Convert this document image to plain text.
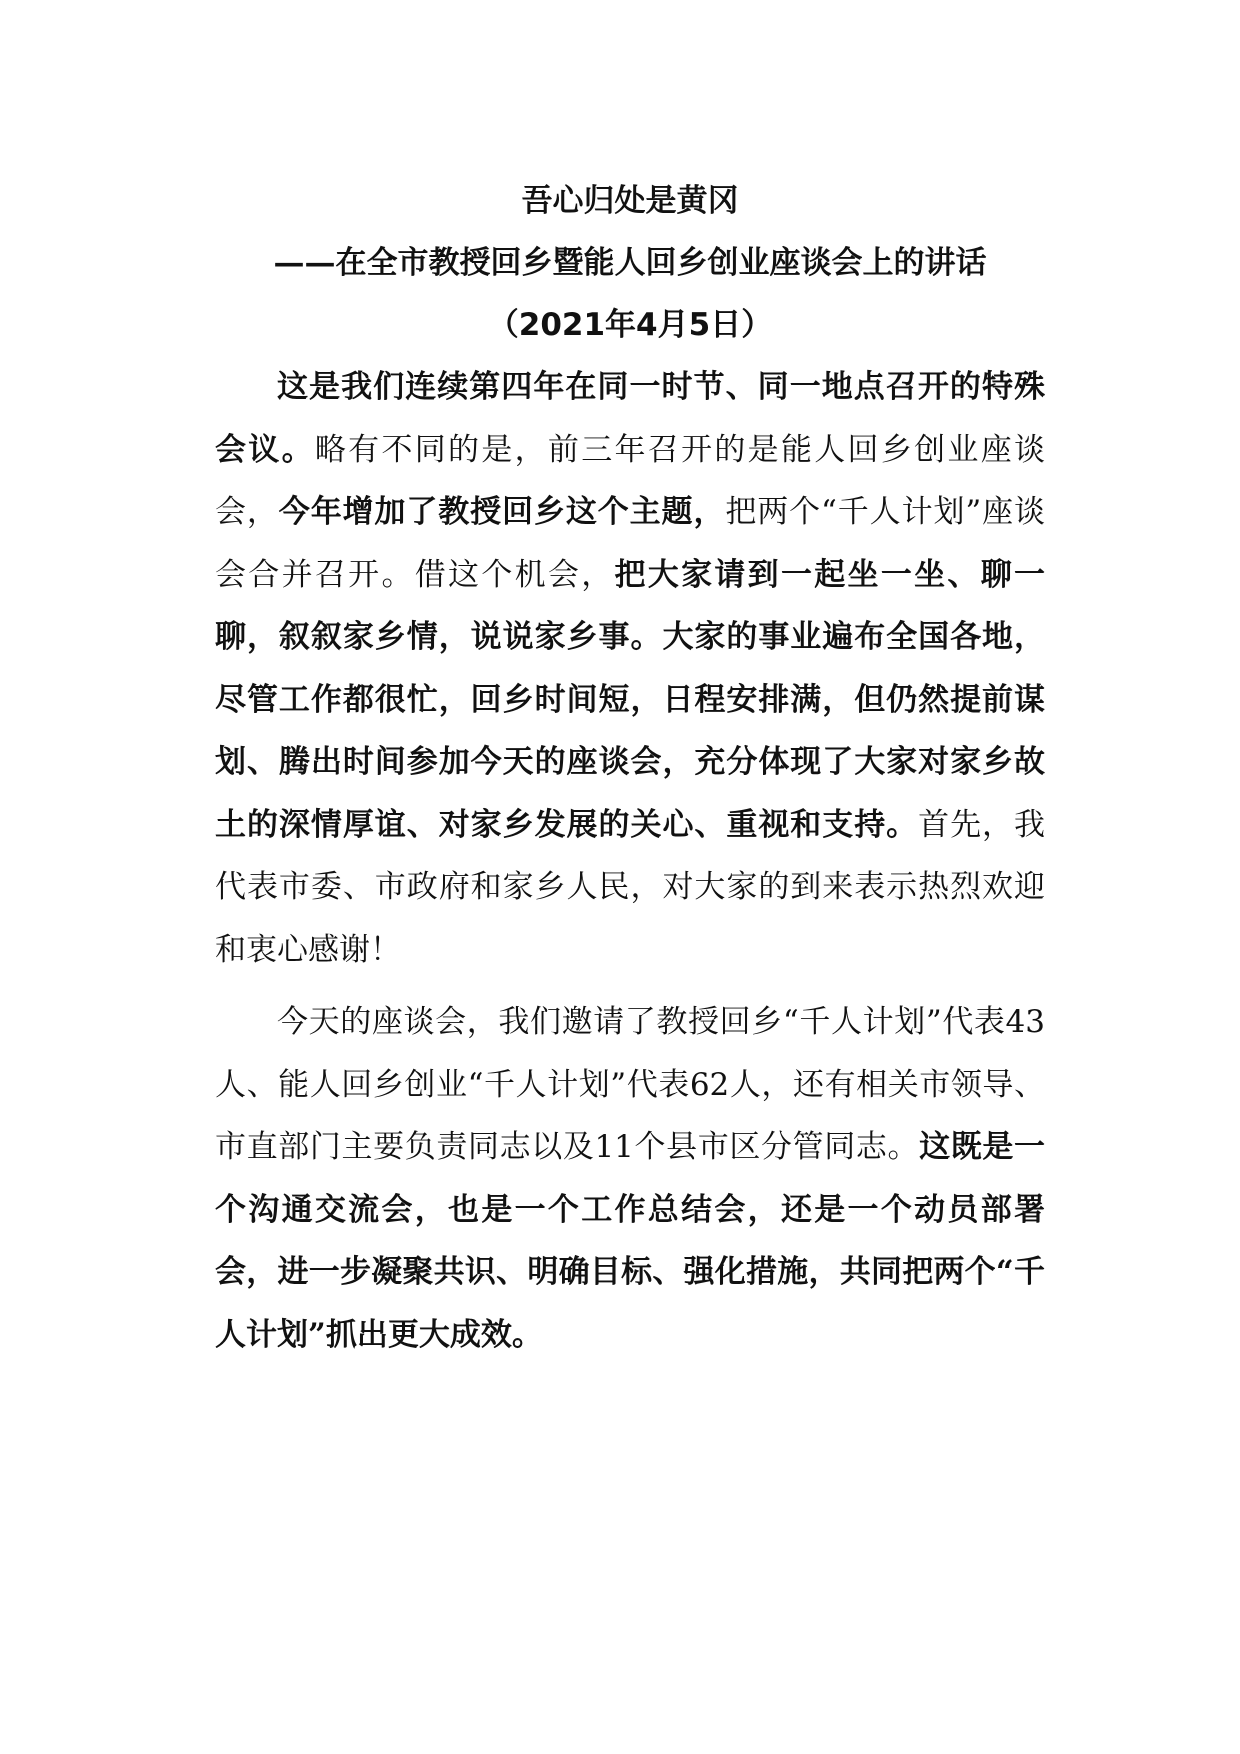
吾心归处是黄冈

——在全市教授回乡暨能人回乡创业座谈会上的讲话

（2021年4月5日）

这是我们连续第四年在同一时节、同一地点召开的特殊会议。略有不同的是，前三年召开的是能人回乡创业座谈会，今年增加了教授回乡这个主题，把两个“千人计划”座谈会合并召开。借这个机会，把大家请到一起坐一坐、聊一聊，叙叙家乡情，说说家乡事。大家的事业遍布全国各地，尽管工作都很忙，回乡时间短，日程安排满，但仍然提前谋划、腾出时间参加今天的座谈会，充分体现了大家对家乡故土的深情厚谊、对家乡发展的关心、重视和支持。首先，我代表市委、市政府和家乡人民，对大家的到来表示热烈欢迎和衷心感谢！

今天的座谈会，我们邀请了教授回乡“千人计划”代表43人、能人回乡创业“千人计划”代表62人，还有相关市领导、市直部门主要负责同志以及11个县市区分管同志。这既是一个沟通交流会，也是一个工作总结会，还是一个动员部署会，进一步凝聚共识、明确目标、强化措施，共同把两个“千人计划”抓出更大成效。
